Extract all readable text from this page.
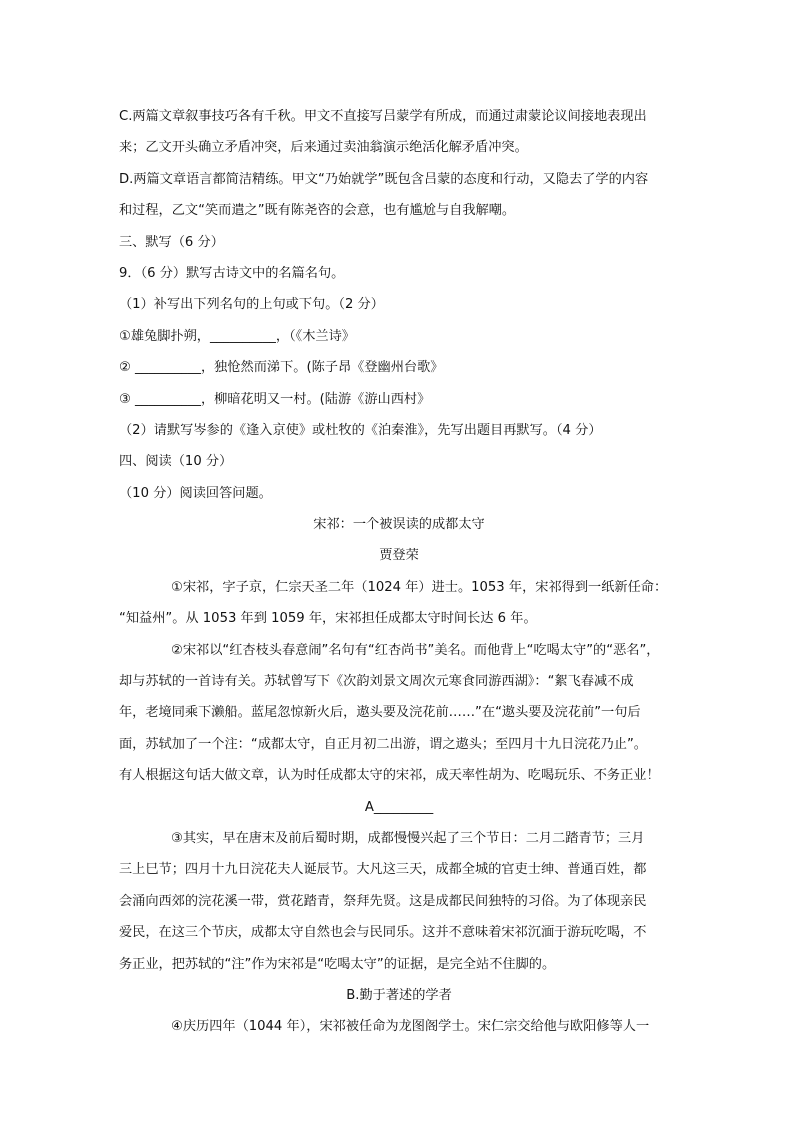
C.两篇文章叙事技巧各有千秋。甲文不直接写吕蒙学有所成，而通过肃蒙论议间接地表现出
来；乙文开头确立矛盾冲突，后来通过卖油翁演示绝活化解矛盾冲突。
D.两篇文章语言都简洁精练。甲文“乃始就学”既包含吕蒙的态度和行动，又隐去了学的内容
和过程，乙文“笑而遣之”既有陈尧咨的会意，也有尴尬与自我解嘲。
三、默写（6 分）
9．（6 分）默写古诗文中的名篇名句。
（1）补写出下列名句的上句或下句。（2 分）
①雄兔脚扑朔，__________，（《木兰诗》
② __________，独怆然而涕下。(陈子昂《登幽州台歌》
③ __________，柳暗花明又一村。(陆游《游山西村》
（2）请默写岑参的《逢入京使》或杜牧的《泊秦淮》，先写出题目再默写。（4 分）
四、阅读（10 分）
（10 分）阅读回答问题。
宋祁：一个被误读的成都太守
贾登荣
①宋祁，字子京，仁宗天圣二年（1024 年）进士。1053 年，宋祁得到一纸新任命：
“知益州”。从 1053 年到 1059 年，宋祁担任成都太守时间长达 6 年。
②宋祁以“红杏枝头春意闹”名句有“红杏尚书”美名。而他背上“吃喝太守”的“恶名”，
却与苏轼的一首诗有关。苏轼曾写下《次韵刘景文周次元寒食同游西湖》：“絮飞春减不成
年，老境同乘下濑船。蓝尾忽惊新火后，遨头要及浣花前……”在“遨头要及浣花前”一句后
面，苏轼加了一个注：“成都太守，自正月初二出游，谓之遨头；至四月十九日浣花乃止”。
有人根据这句话大做文章，认为时任成都太守的宋祁，成天率性胡为、吃喝玩乐、不务正业！
A_________
③其实，早在唐末及前后蜀时期，成都慢慢兴起了三个节日：二月二踏青节；三月
三上巳节；四月十九日浣花夫人诞辰节。大凡这三天，成都全城的官吏士绅、普通百姓，都
会涌向西郊的浣花溪一带，赏花踏青，祭拜先贤。这是成都民间独特的习俗。为了体现亲民
爱民，在这三个节庆，成都太守自然也会与民同乐。这并不意味着宋祁沉湎于游玩吃喝，不
务正业，把苏轼的“注”作为宋祁是“吃喝太守”的证据，是完全站不住脚的。
B.勤于著述的学者
④庆历四年（1044 年），宋祁被任命为龙图阁学士。宋仁宗交给他与欧阳修等人一
